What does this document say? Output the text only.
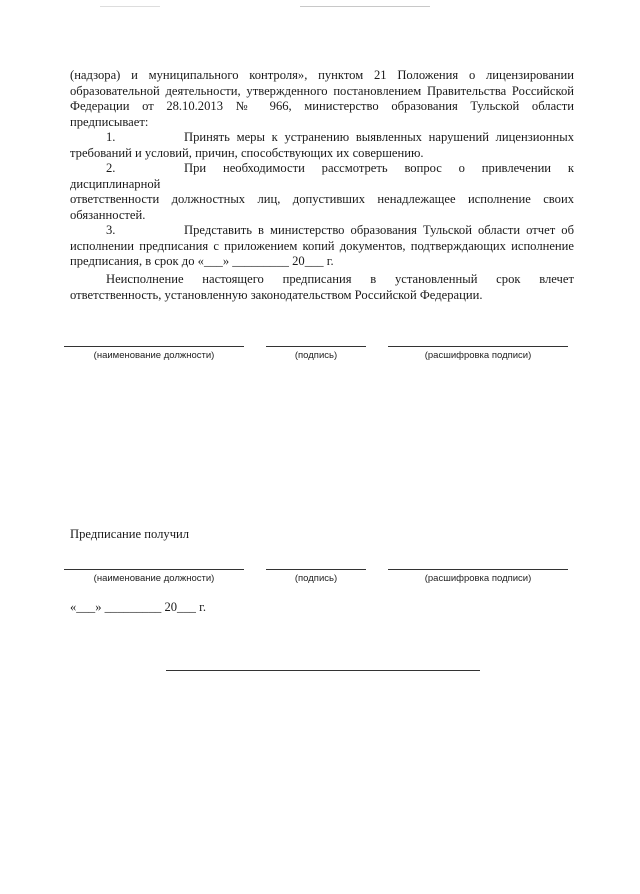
(надзора) и муниципального контроля», пунктом 21 Положения о лицензировании
образовательной деятельности, утвержденного постановлением Правительства Российской
Федерации от 28.10.2013 № 966, министерство образования Тульской области
предписывает:
1.	Принять меры к устранению выявленных нарушений лицензионных
требований и условий, причин, способствующих их совершению.
2.	При необходимости рассмотреть вопрос о привлечении к дисциплинарной
ответственности должностных лиц, допустивших ненадлежащее исполнение своих
обязанностей.
3.	Представить в министерство образования Тульской области отчет об
исполнении предписания с приложением копий документов, подтверждающих исполнение
предписания, в срок до «___» _________ 20___ г.
Неисполнение настоящего предписания в установленный срок влечет
ответственность, установленную законодательством Российской Федерации.
(наименование должности)	(подпись)	(расшифровка подписи)
Предписание получил
(наименование должности)	(подпись)	(расшифровка подписи)
«___» _________ 20___ г.
